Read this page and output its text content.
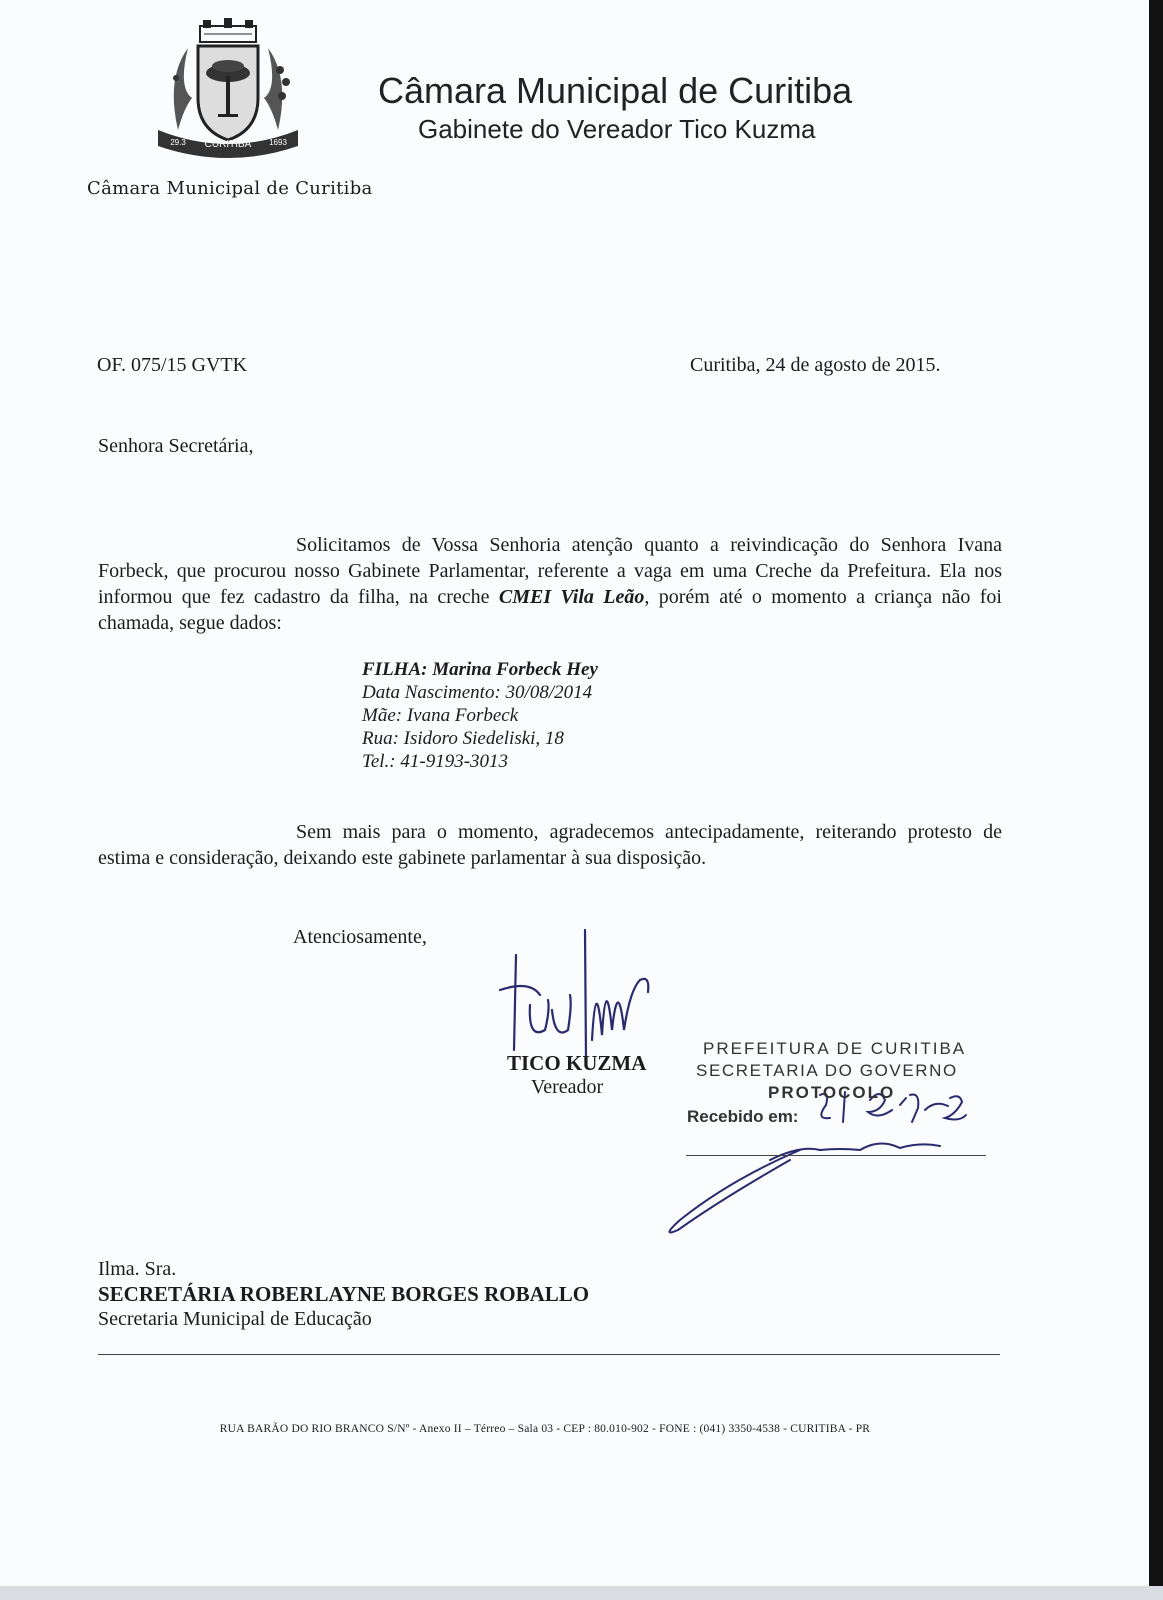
CURITIBA
29.3	1693
Câmara Municipal de Curitiba
Câmara Municipal de Curitiba
Gabinete do Vereador Tico Kuzma
OF. 075/15 GVTK	Curitiba, 24 de agosto de 2015.
Senhora Secretária,
Solicitamos de Vossa Senhoria atenção quanto a reivindicação do Senhora Ivana Forbeck, que procurou nosso Gabinete Parlamentar, referente a vaga em uma Creche da Prefeitura. Ela nos informou que fez cadastro da filha, na creche CMEI Vila Leão, porém até o momento a criança não foi chamada, segue dados:
FILHA: Marina Forbeck Hey
Data Nascimento: 30/08/2014
Mãe: Ivana Forbeck
Rua: Isidoro Siedeliski, 18
Tel.: 41-9193-3013
Sem mais para o momento, agradecemos antecipadamente, reiterando protesto de estima e consideração, deixando este gabinete parlamentar à sua disposição.
Atenciosamente,
TICO KUZMA
Vereador
PREFEITURA DE CURITIBA
SECRETARIA DO GOVERNO
PROTOCOLO
Recebido em:
Ilma. Sra.
SECRETÁRIA ROBERLAYNE BORGES ROBALLO
Secretaria Municipal de Educação
RUA BARÃO DO RIO BRANCO S/Nº - Anexo II – Térreo – Sala 03 - CEP : 80.010-902 - FONE : (041) 3350-4538 - CURITIBA - PR
